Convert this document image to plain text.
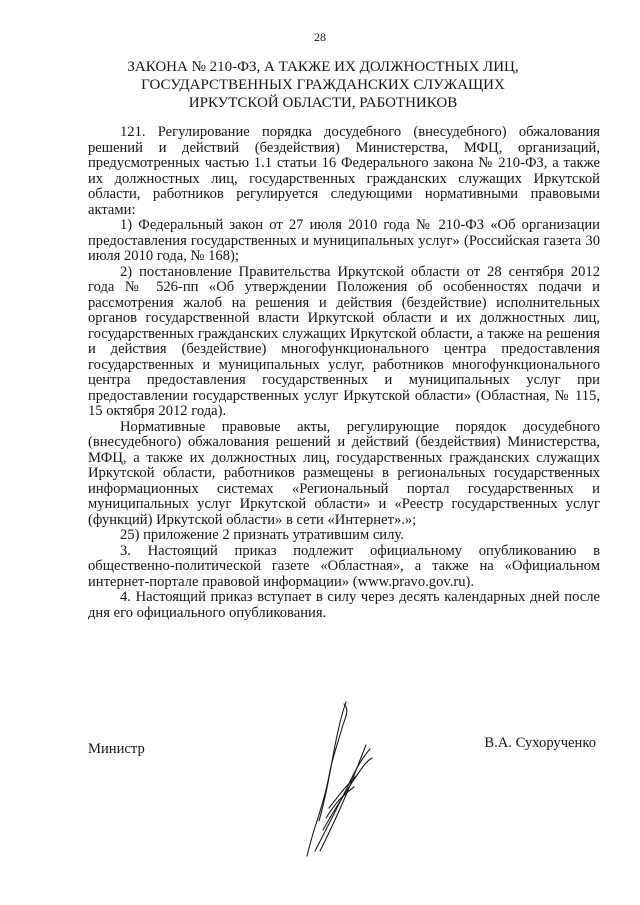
28
ЗАКОНА № 210-ФЗ, А ТАКЖЕ ИХ ДОЛЖНОСТНЫХ ЛИЦ,
ГОСУДАРСТВЕННЫХ ГРАЖДАНСКИХ СЛУЖАЩИХ
ИРКУТСКОЙ ОБЛАСТИ, РАБОТНИКОВ

121. Регулирование порядка досудебного (внесудебного) обжалования решений и действий (бездействия) Министерства, МФЦ, организаций, предусмотренных частью 1.1 статьи 16 Федерального закона № 210-ФЗ, а также их должностных лиц, государственных гражданских служащих Иркутской области, работников регулируется следующими нормативными правовыми актами:

1) Федеральный закон от 27 июля 2010 года № 210-ФЗ «Об организации предоставления государственных и муниципальных услуг» (Российская газета 30 июля 2010 года, № 168);

2) постановление Правительства Иркутской области от 28 сентября 2012 года № 526-пп «Об утверждении Положения об особенностях подачи и рассмотрения жалоб на решения и действия (бездействие) исполнительных органов государственной власти Иркутской области и их должностных лиц, государственных гражданских служащих Иркутской области, а также на решения и действия (бездействие) многофункционального центра предоставления государственных и муниципальных услуг, работников многофункционального центра предоставления государственных и муниципальных услуг при предоставлении государственных услуг Иркутской области» (Областная, № 115, 15 октября 2012 года).

Нормативные правовые акты, регулирующие порядок досудебного (внесудебного) обжалования решений и действий (бездействия) Министерства, МФЦ, а также их должностных лиц, государственных гражданских служащих Иркутской области, работников размещены в региональных государственных информационных системах «Региональный портал государственных и муниципальных услуг Иркутской области» и «Реестр государственных услуг (функций) Иркутской области» в сети «Интернет».»;

25) приложение 2 признать утратившим силу.

3. Настоящий приказ подлежит официальному опубликованию в общественно-политической газете «Областная», а также на «Официальном интернет-портале правовой информации» (www.pravo.gov.ru).

4. Настоящий приказ вступает в силу через десять календарных дней после дня его официального опубликования.

Министр	В.А. Сухорученко
